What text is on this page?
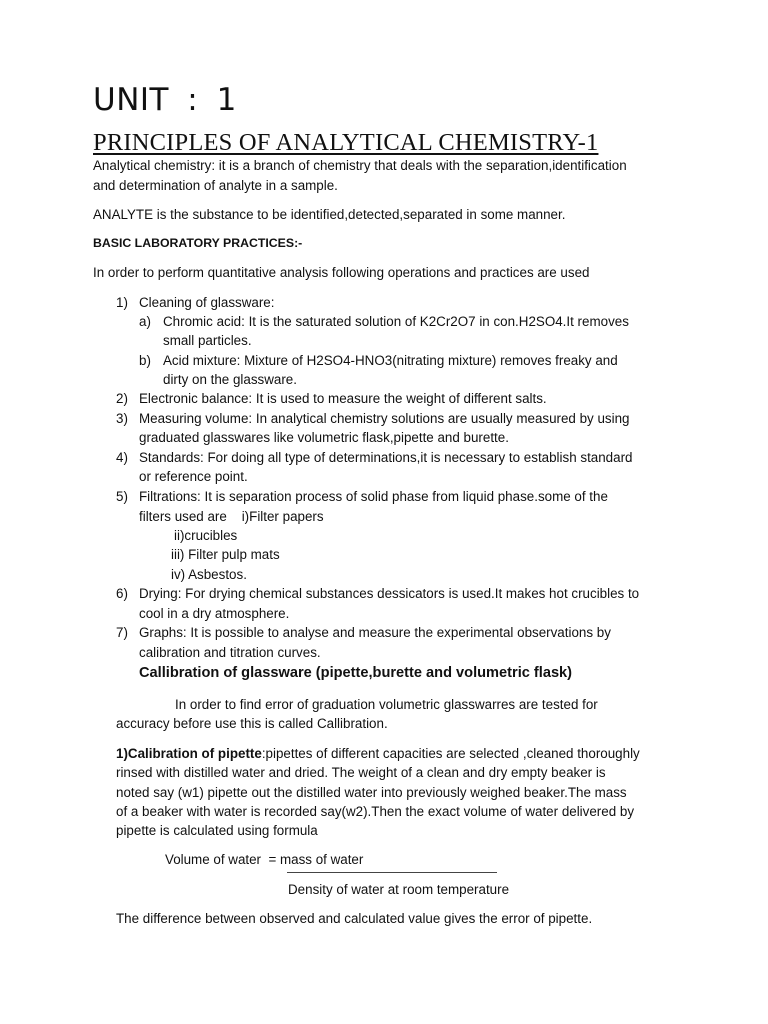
UNIT : 1
PRINCIPLES OF ANALYTICAL CHEMISTRY-1
Analytical chemistry: it is a branch of chemistry that deals with the separation,identification
and determination of analyte in a sample.
ANALYTE is the substance to be identified,detected,separated in some manner.
BASIC LABORATORY PRACTICES:-
In order to perform quantitative analysis following operations and practices are used
1) Cleaning of glassware:
a) Chromic acid: It is the saturated solution of K2Cr2O7 in con.H2SO4.It removes
small particles.
b) Acid mixture: Mixture of H2SO4-HNO3(nitrating mixture) removes freaky and
dirty on the glassware.
2) Electronic balance: It is used to measure the weight of different salts.
3) Measuring volume: In analytical chemistry solutions are usually measured by using
graduated glasswares like volumetric flask,pipette and burette.
4) Standards: For doing all type of determinations,it is necessary to establish standard
or reference point.
5) Filtrations: It is separation process of solid phase from liquid phase.some of the
filters used are    i)Filter papers
ii)crucibles
iii) Filter pulp mats
iv) Asbestos.
6) Drying: For drying chemical substances dessicators is used.It makes hot crucibles to
cool in a dry atmosphere.
7) Graphs: It is possible to analyse and measure the experimental observations by
calibration and titration curves.
Callibration of glassware (pipette,burette and volumetric flask)
In order to find error of graduation volumetric glasswarres are tested for
accuracy before use this is called Callibration.
1)Calibration of pipette:pipettes of different capacities are selected ,cleaned thoroughly
rinsed with distilled water and dried. The weight of a clean and dry empty beaker is
noted say (w1) pipette out the distilled water into previously weighed beaker.The mass
of a beaker with water is recorded say(w2).Then the exact volume of water delivered by
pipette is calculated using formula
Volume of water  = mass of water
Density of water at room temperature
The difference between observed and calculated value gives the error of pipette.
